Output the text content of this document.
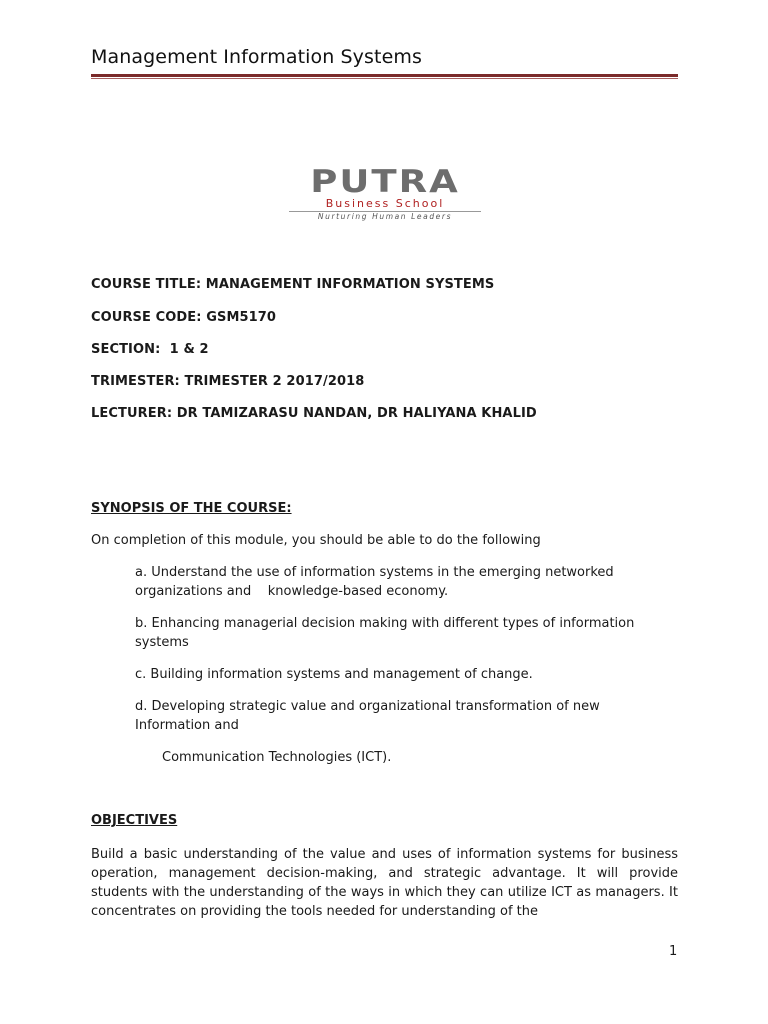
Management Information Systems
PUTRA
Business School
Nurturing Human Leaders
COURSE TITLE: MANAGEMENT INFORMATION SYSTEMS
COURSE CODE: GSM5170
SECTION:  1 & 2
TRIMESTER: TRIMESTER 2 2017/2018
LECTURER: DR TAMIZARASU NANDAN, DR HALIYANA KHALID
SYNOPSIS OF THE COURSE:
On completion of this module, you should be able to do the following
a. Understand the use of information systems in the emerging networked organizations and    knowledge-based economy.
b. Enhancing managerial decision making with different types of information systems
c. Building information systems and management of change.
d. Developing strategic value and organizational transformation of new Information and
Communication Technologies (ICT).
OBJECTIVES
Build a basic understanding of the value and uses of information systems for business operation, management decision-making, and strategic advantage. It will provide students with the understanding of the ways in which they can utilize ICT as managers. It concentrates on providing the tools needed for understanding of the
1
